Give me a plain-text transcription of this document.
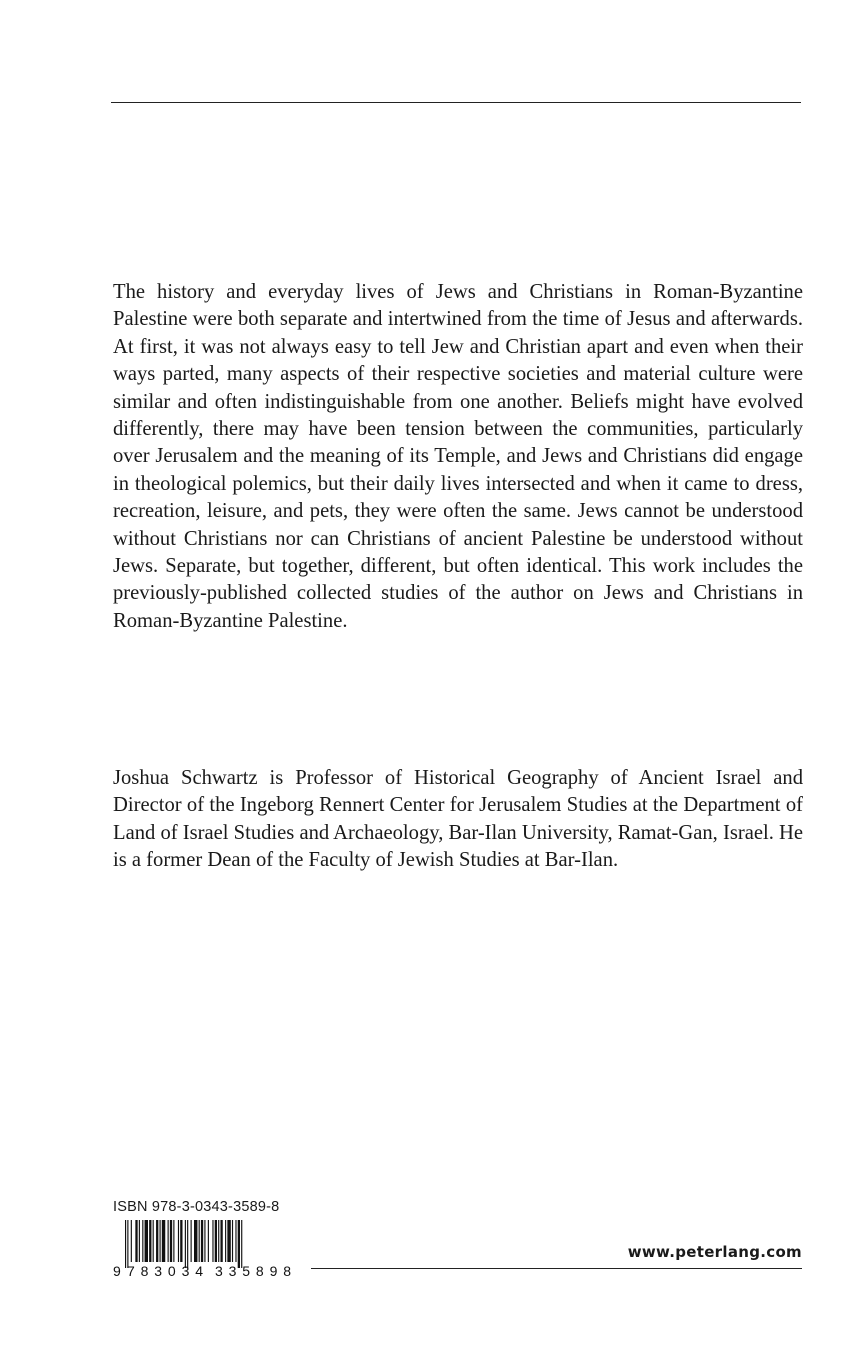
The history and everyday lives of Jews and Christians in Roman-Byzantine Palestine were both separate and intertwined from the time of Jesus and afterwards. At first, it was not always easy to tell Jew and Christian apart and even when their ways parted, many aspects of their respective societies and material culture were similar and often indistinguishable from one another. Beliefs might have evolved differently, there may have been tension between the communities, particularly over Jerusalem and the meaning of its Temple, and Jews and Christians did engage in theological polemics, but their daily lives intersected and when it came to dress, recreation, leisure, and pets, they were often the same. Jews cannot be understood without Christians nor can Christians of ancient Palestine be understood without Jews. Separate, but together, different, but often identical. This work includes the previously-published collected studies of the author on Jews and Christians in Roman-Byzantine Palestine.

Joshua Schwartz is Professor of Historical Geography of Ancient Israel and Director of the Ingeborg Rennert Center for Jerusalem Studies at the Department of Land of Israel Studies and Archaeology, Bar-Ilan University, Ramat-Gan, Israel. He is a former Dean of the Faculty of Jewish Studies at Bar-Ilan.

ISBN 978-3-0343-3589-8
9 783034 335898
www.peterlang.com
